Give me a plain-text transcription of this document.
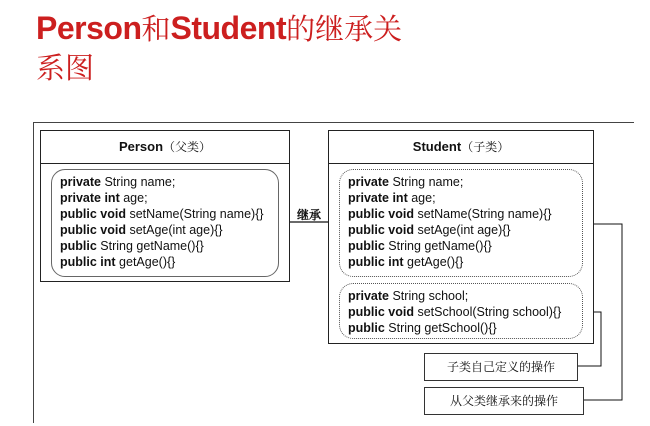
Person和Student的继承关
系图
Person（父类）
private String name;
private int age;
public void setName(String name){}
public void setAge(int age){}
public String getName(){}
public int getAge(){}
继承
Student（子类）
private String name;
private int age;
public void setName(String name){}
public void setAge(int age){}
public String getName(){}
public int getAge(){}
private String school;
public void setSchool(String school){}
public String getSchool(){}
子类自己定义的操作
从父类继承来的操作
